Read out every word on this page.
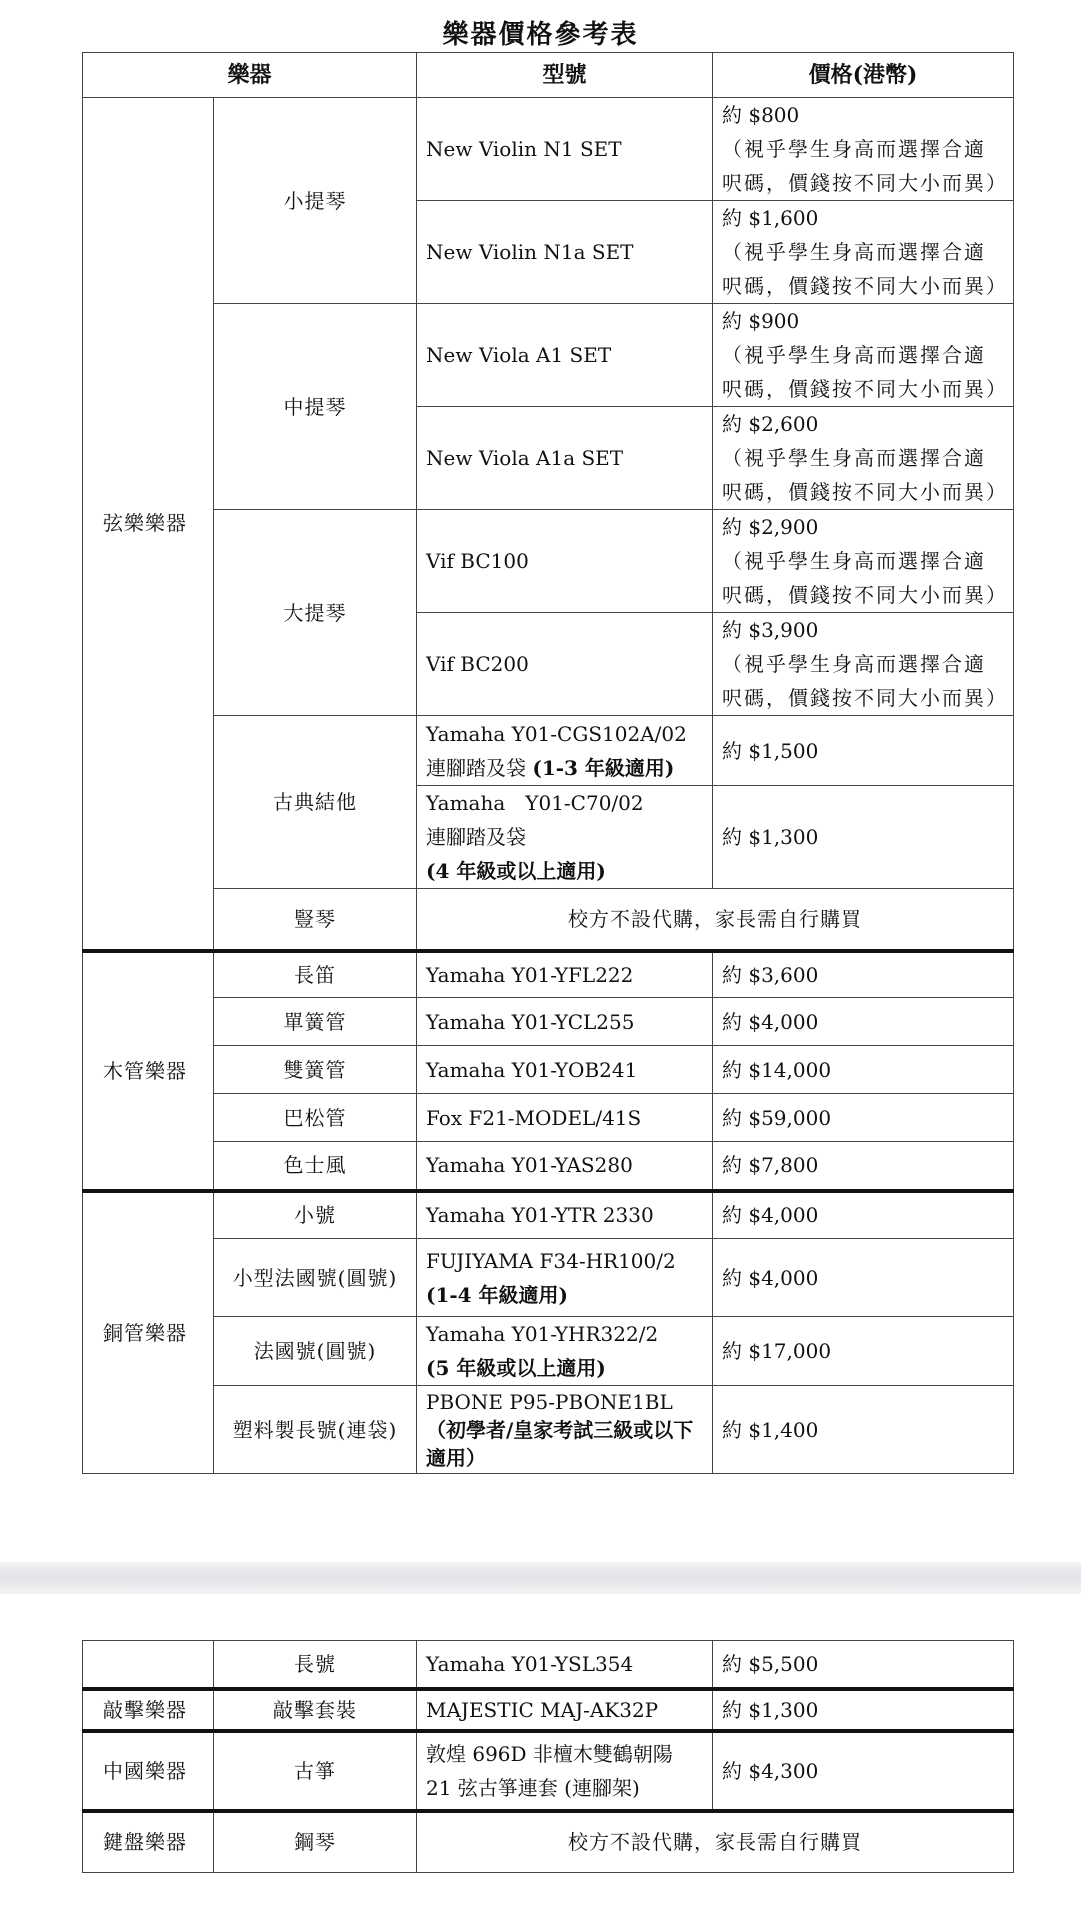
樂器價格參考表
樂器		型號	價格(港幣)
弦樂樂器	小提琴	New Violin N1 SET	約 $800
（視乎學生身高而選擇合適呎碼，價錢按不同大小而異）

		New Violin N1a SET	約 $1,600
（視乎學生身高而選擇合適呎碼，價錢按不同大小而異）

	中提琴	New Viola A1 SET	約 $900
（視乎學生身高而選擇合適呎碼，價錢按不同大小而異）

		New Viola A1a SET	約 $2,600
（視乎學生身高而選擇合適呎碼，價錢按不同大小而異）

	大提琴	Vif BC100	約 $2,900
（視乎學生身高而選擇合適呎碼，價錢按不同大小而異）

		Vif BC200	約 $3,900
（視乎學生身高而選擇合適呎碼，價錢按不同大小而異）

	古典結他	Yamaha Y01-CGS102A/02
連腳踏及袋 (1-3 年級適用)	約 $1,500

		Yamaha　Y01-C70/02
連腳踏及袋
(4 年級或以上適用)	約 $1,300
	豎琴	校方不設代購，家長需自行購買	
木管樂器	長笛	Yamaha Y01-YFL222	約 $3,600
	單簧管	Yamaha Y01-YCL255	約 $4,000
	雙簧管	Yamaha Y01-YOB241	約 $14,000
	巴松管	Fox F21-MODEL/41S	約 $59,000
	色士風	Yamaha Y01-YAS280	約 $7,800
銅管樂器	小號	Yamaha Y01-YTR 2330	約 $4,000
	小型法國號(圓號)	FUJIYAMA F34-HR100/2
(1-4 年級適用)	約 $4,000
	法國號(圓號)	Yamaha Y01-YHR322/2
(5 年級或以上適用)	約 $17,000
	塑料製長號(連袋)	PBONE P95-PBONE1BL
（初學者/皇家考試三級或以下適用）	約 $1,400
	長號	Yamaha Y01-YSL354	約 $5,500
敲擊樂器	敲擊套裝	MAJESTIC MAJ-AK32P	約 $1,300
中國樂器	古箏	敦煌 696D 非檀木雙鶴朝陽
21 弦古箏連套 (連腳架)	約 $4,300
鍵盤樂器	鋼琴	校方不設代購，家長需自行購買	
